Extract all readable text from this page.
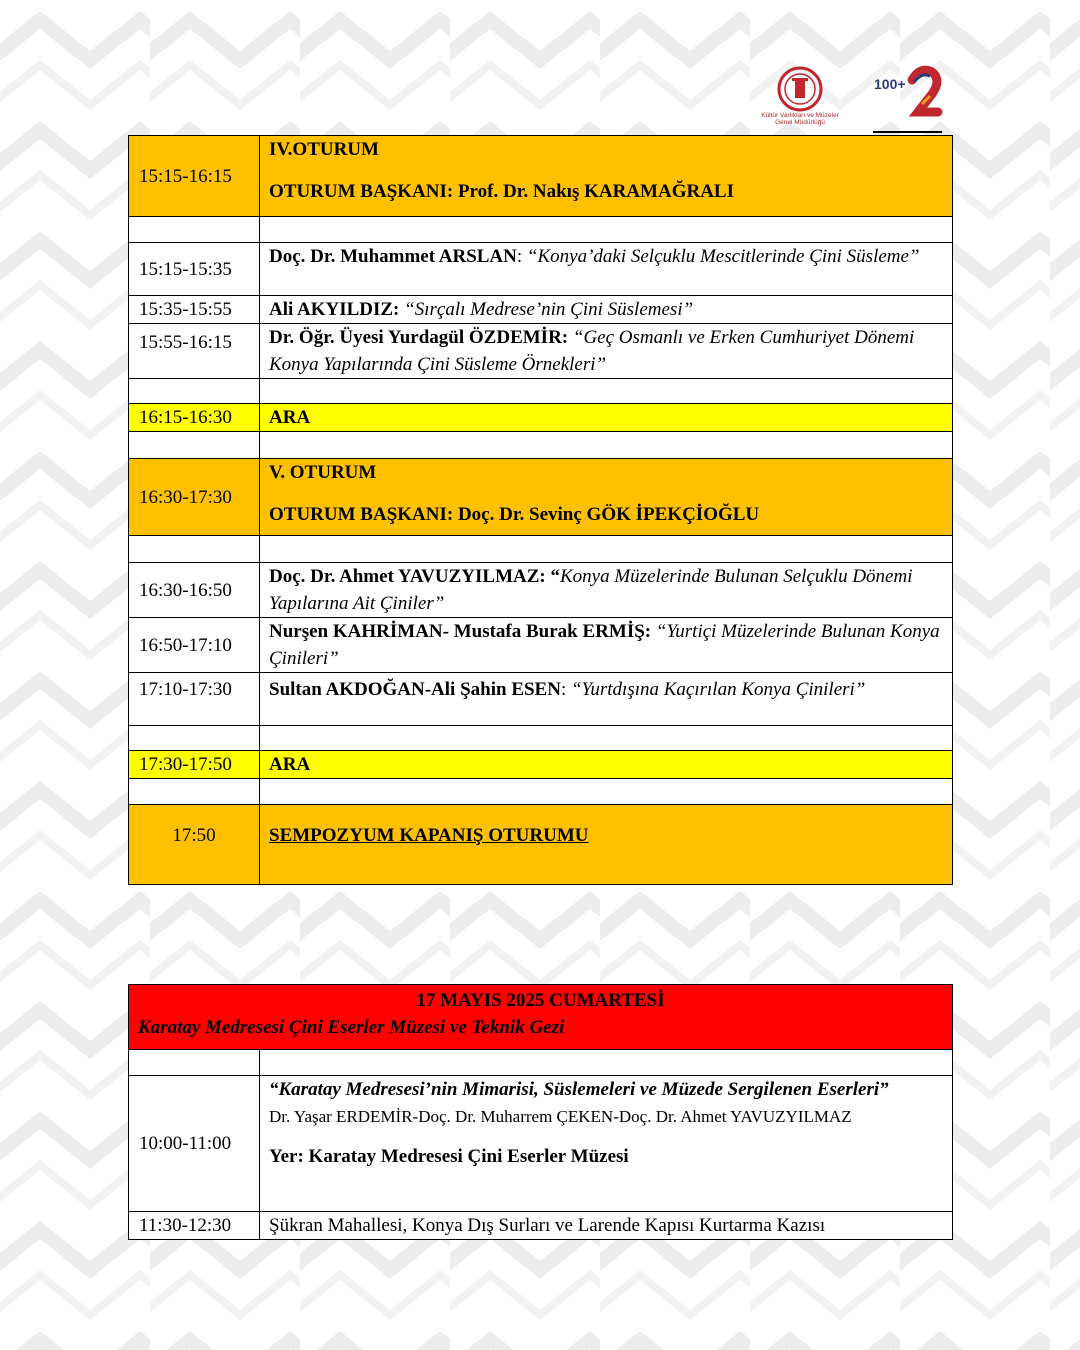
Kültür Varlıkları ve Müzeler Genel Müdürlüğü
100+
15:15-16:15	IV.OTURUM
OTURUM BAŞKANI: Prof. Dr. Nakış KARAMAĞRALI

15:15-15:35	Doç. Dr. Muhammet ARSLAN: “Konya’daki Selçuklu Mescitlerinde Çini Süsleme”
15:35-15:55	Ali AKYILDIZ: “Sırçalı Medrese’nin Çini Süslemesi”
15:55-16:15	Dr. Öğr. Üyesi Yurdagül ÖZDEMİR: “Geç Osmanlı ve Erken Cumhuriyet Dönemi Konya Yapılarında Çini Süsleme Örnekleri”

16:15-16:30	ARA

16:30-17:30	V. OTURUM
OTURUM BAŞKANI: Doç. Dr. Sevinç GÖK İPEKÇİOĞLU

16:30-16:50	Doç. Dr. Ahmet YAVUZYILMAZ: “Konya Müzelerinde Bulunan Selçuklu Dönemi Yapılarına Ait Çiniler”
16:50-17:10	Nurşen KAHRİMAN- Mustafa Burak ERMİŞ: “Yurtiçi Müzelerinde Bulunan Konya Çinileri”
17:10-17:30	Sultan AKDOĞAN-Ali Şahin ESEN: “Yurtdışına Kaçırılan Konya Çinileri”

17:30-17:50	ARA

17:50	SEMPOZYUM KAPANIŞ OTURUMU
17 MAYIS 2025 CUMARTESİ
Karatay Medresesi Çini Eserler Müzesi ve Teknik Gezi	

10:00-11:00	“Karatay Medresesi’nin Mimarisi, Süslemeleri ve Müzede Sergilenen Eserleri”
Dr. Yaşar ERDEMİR-Doç. Dr. Muharrem ÇEKEN-Doç. Dr. Ahmet YAVUZYILMAZ
Yer: Karatay Medresesi Çini Eserler Müzesi

11:30-12:30	Şükran Mahallesi, Konya Dış Surları ve Larende Kapısı Kurtarma Kazısı
